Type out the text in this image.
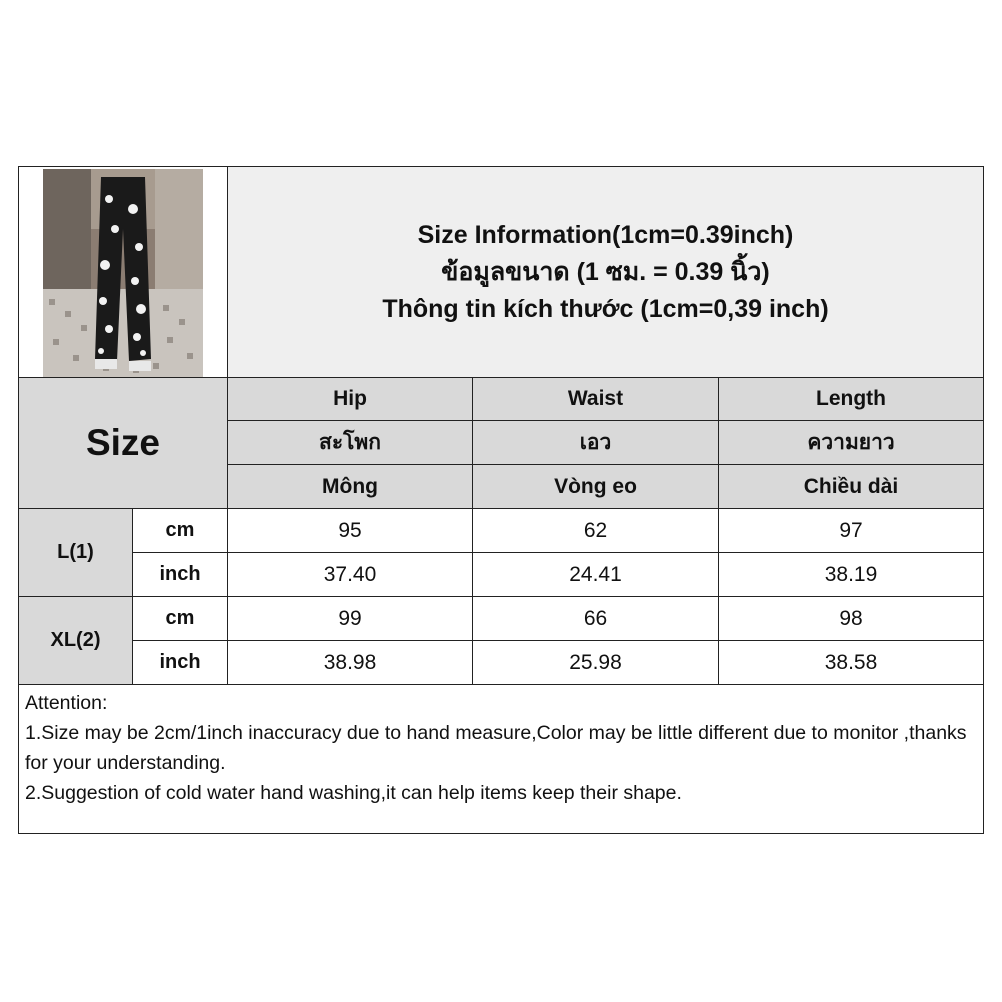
Size Information(1cm=0.39inch)
ข้อมูลขนาด (1 ซม. = 0.39 นิ้ว)
Thông tin kích thước (1cm=0,39 inch)
Size
Hip	Waist	Length
สะโพก	เอว	ความยาว
Mông	Vòng eo	Chiều dài
L(1)
cm	95	62	97
inch	37.40	24.41	38.19
XL(2)
cm	99	66	98
inch	38.98	25.98	38.58
Attention:
1.Size may be 2cm/1inch inaccuracy due to hand measure,Color may be little different due to monitor ,thanks for your understanding.
2.Suggestion of cold water hand washing,it can help items keep their shape.
